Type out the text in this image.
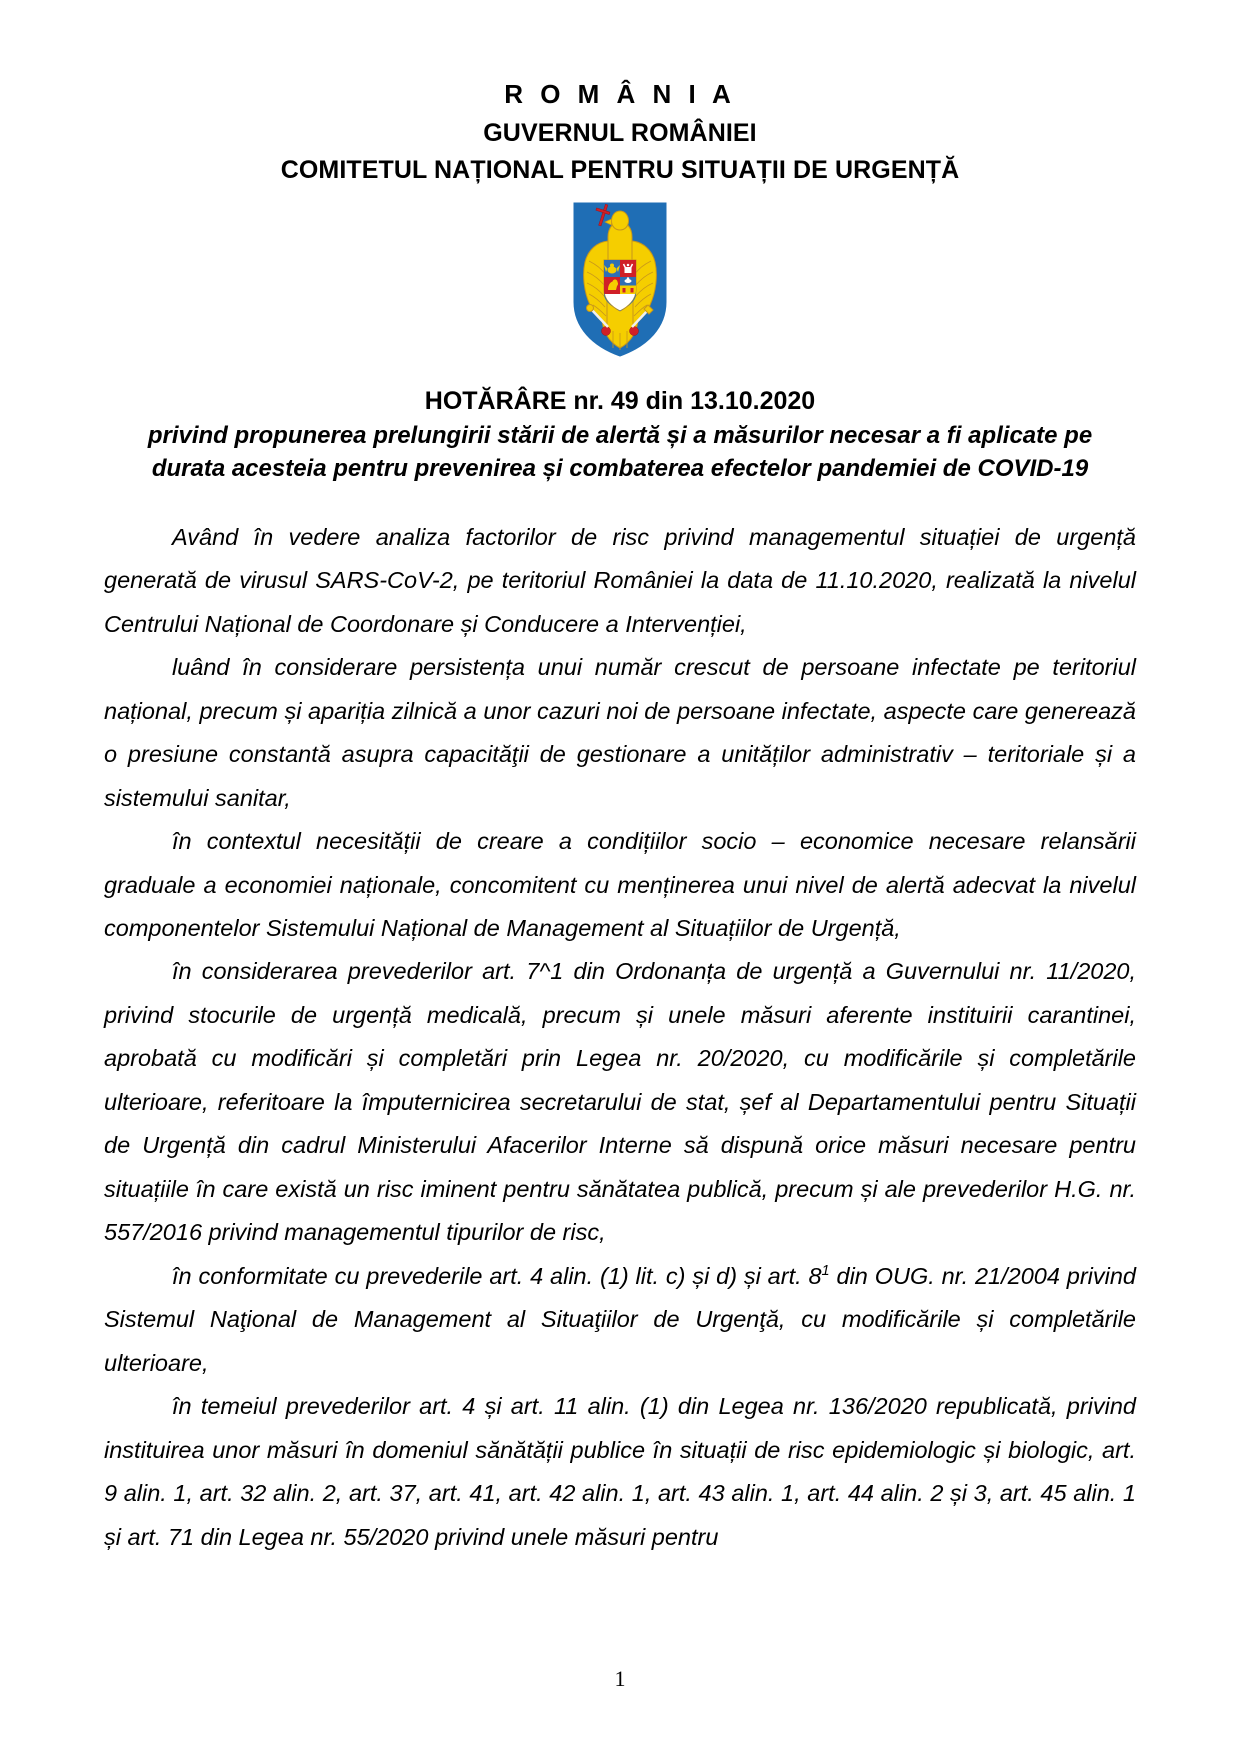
R O M Â N I A
GUVERNUL ROMÂNIEI
COMITETUL NAȚIONAL PENTRU SITUAȚII DE URGENȚĂ
HOTĂRÂRE nr. 49 din 13.10.2020
privind propunerea prelungirii stării de alertă și a măsurilor necesar a fi aplicate pe
durata acesteia pentru prevenirea și combaterea efectelor pandemiei de COVID-19

Având în vedere analiza factorilor de risc privind managementul situației de urgență generată de virusul SARS-CoV-2, pe teritoriul României la data de 11.10.2020, realizată la nivelul Centrului Național de Coordonare și Conducere a Intervenției,

luând în considerare persistența unui număr crescut de persoane infectate pe teritoriul național, precum și apariția zilnică a unor cazuri noi de persoane infectate, aspecte care generează o presiune constantă asupra capacităţii de gestionare a unităților administrativ – teritoriale și a sistemului sanitar,

în contextul necesității de creare a condițiilor socio – economice necesare relansării graduale a economiei naționale, concomitent cu menținerea unui nivel de alertă adecvat la nivelul componentelor Sistemului Național de Management al Situațiilor de Urgență,

în considerarea prevederilor art. 7^1 din Ordonanța de urgență a Guvernului nr. 11/2020, privind stocurile de urgență medicală, precum și unele măsuri aferente instituirii carantinei, aprobată cu modificări și completări prin Legea nr. 20/2020, cu modificările și completările ulterioare, referitoare la împuternicirea secretarului de stat, șef al Departamentului pentru Situații de Urgență din cadrul Ministerului Afacerilor Interne să dispună orice măsuri necesare pentru situațiile în care există un risc iminent pentru sănătatea publică, precum și ale prevederilor H.G. nr. 557/2016 privind managementul tipurilor de risc,

în conformitate cu prevederile art. 4 alin. (1) lit. c) și d) și art. $8^1$ din OUG. nr. 21/2004 privind Sistemul Naţional de Management al Situaţiilor de Urgenţă, cu modificările și completările ulterioare,

în temeiul prevederilor art. 4 și art. 11 alin. (1) din Legea nr. 136/2020 republicată, privind instituirea unor măsuri în domeniul sănătății publice în situații de risc epidemiologic și biologic, art. 9 alin. 1, art. 32 alin. 2, art. 37, art. 41, art. 42 alin. 1, art. 43 alin. 1, art. 44 alin. 2 și 3, art. 45 alin. 1 și art. 71 din Legea nr. 55/2020 privind unele măsuri pentru

1
